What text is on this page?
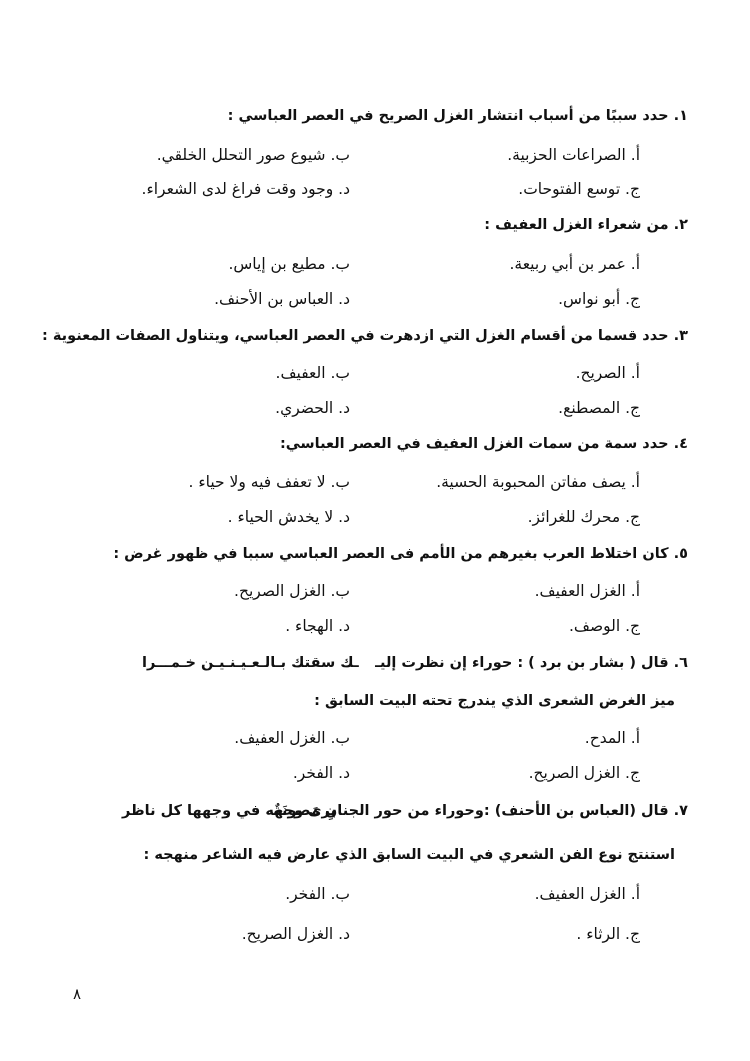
١. حدد سببًا من أسباب انتشار الغزل الصريح في العصر العباسي :
أ. الصراعات الحزبية.
ب. شيوع صور التحلل الخلقي.
ج. توسع الفتوحات.
د. وجود وقت فراغ لدى الشعراء.
٢. من شعراء الغزل العفيف :
أ. عمر بن أبي ربيعة.
ب. مطيع بن إياس.
ج. أبو نواس.
د. العباس بن الأحنف.
٣. حدد قسما من أقسام الغزل التي ازدهرت في العصر العباسي، ويتناول الصفات المعنوية :
أ. الصريح.
ب. العفيف.
ج. المصطنع.
د. الحضري.
٤. حدد سمة من سمات الغزل العفيف في العصر العباسي:
أ. يصف مفاتن المحبوبة الحسية.
ب. لا تعفف فيه ولا حياء .
ج. محرك للغرائز.
د. لا يخدش الحياء .
٥. كان اختلاط العرب بغيرهم من الأمم فى العصر العباسي سببا في ظهور غرض :
أ. الغزل العفيف.
ب. الغزل الصريح.
ج. الوصف.
د. الهجاء .
٦. قال ( بشار بن برد ) : حوراء إن نظرت إليـ
ـك سقتك بـالـعـيـنـيـن خـمـــرا
ميز الغرض الشعرى الذي يندرج تحته البيت السابق :
أ. المدح.
ب. الغزل العفيف.
ج. الغزل الصريح.
د. الفخر.
٧. قال (العباس بن الأحنف) :وحوراء من حور الجنانِ مَصونَةٌ
يرى وجهه في وجهها كل ناظر
استنتج نوع الفن الشعري في البيت السابق الذي عارض فيه الشاعر منهجه :
أ. الغزل العفيف.
ب. الفخر.
ج. الرثاء .
د. الغزل الصريح.
٨
